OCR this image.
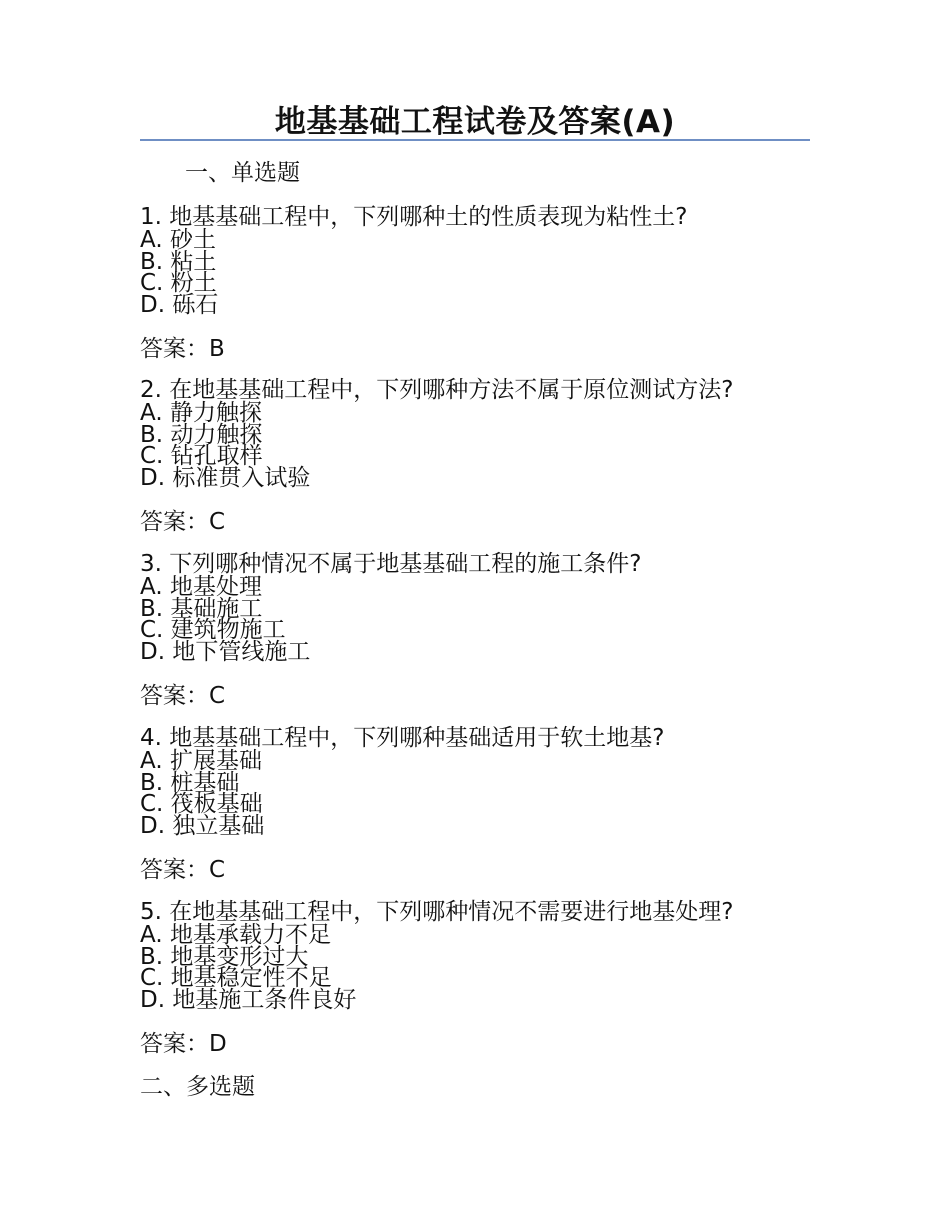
地基基础工程试卷及答案(A)
一、单选题
1. 地基基础工程中，下列哪种土的性质表现为粘性土?
A. 砂土
B. 粘土
C. 粉土
D. 砾石
答案：B
2. 在地基基础工程中，下列哪种方法不属于原位测试方法?
A. 静力触探
B. 动力触探
C. 钻孔取样
D. 标准贯入试验
答案：C
3. 下列哪种情况不属于地基基础工程的施工条件?
A. 地基处理
B. 基础施工
C. 建筑物施工
D. 地下管线施工
答案：C
4. 地基基础工程中，下列哪种基础适用于软土地基?
A. 扩展基础
B. 桩基础
C. 筏板基础
D. 独立基础
答案：C
5. 在地基基础工程中，下列哪种情况不需要进行地基处理?
A. 地基承载力不足
B. 地基变形过大
C. 地基稳定性不足
D. 地基施工条件良好
答案：D
二、多选题
